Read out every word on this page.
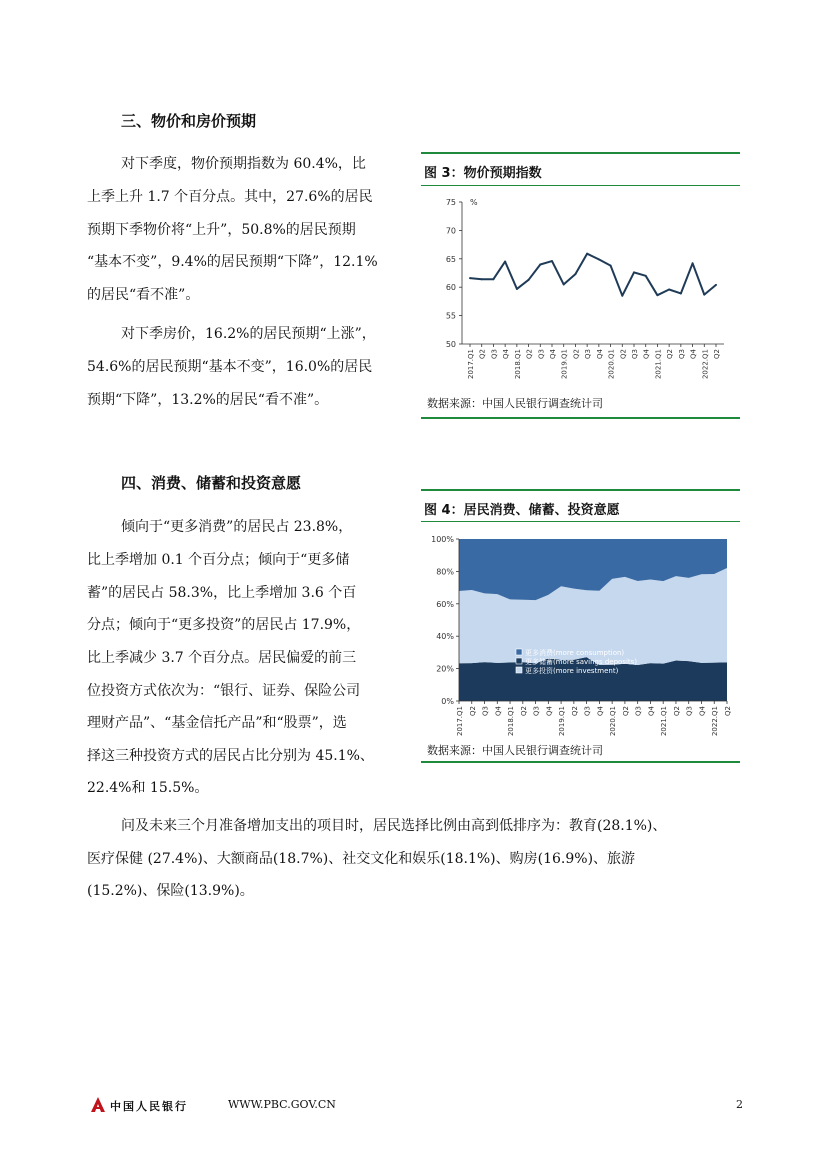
三、物价和房价预期
对下季度，物价预期指数为 60.4%，比
上季上升 1.7 个百分点。其中，27.6%的居民
预期下季物价将“上升”，50.8%的居民预期
“基本不变”，9.4%的居民预期“下降”，12.1%
的居民“看不准”。
对下季房价，16.2%的居民预期“上涨”，
54.6%的居民预期“基本不变”，16.0%的居民
预期“下降”，13.2%的居民“看不准”。
图 3：物价预期指数
50
55
60
65
70
75 %
2017.Q1 Q2 Q3 Q4 2018.Q1 Q2 Q3 Q4 2019.Q1 Q2 Q3 Q4 2020.Q1 Q2 Q3 Q4 2021.Q1 Q2 Q3 Q4 2022.Q1 Q2
数据来源：中国人民银行调查统计司
四、消费、储蓄和投资意愿
倾向于“更多消费”的居民占 23.8%，
比上季增加 0.1 个百分点；倾向于“更多储
蓄”的居民占 58.3%，比上季增加 3.6 个百
分点；倾向于“更多投资”的居民占 17.9%，
比上季减少 3.7 个百分点。居民偏爱的前三
位投资方式依次为：“银行、证券、保险公司
理财产品”、“基金信托产品”和“股票”，选
择这三种投资方式的居民占比分别为 45.1%、
22.4%和 15.5%。
图 4：居民消费、储蓄、投资意愿
0%
20%
40%
60%
80%
100%
2017.Q1 Q2 Q3 Q4 2018.Q1 Q2 Q3 Q4 2019.Q1 Q2 Q3 Q4 2020.Q1 Q2 Q3 Q4 2021.Q1 Q2 Q3 Q4 2022.Q1 Q2
更多消费(more consumption)
更多储蓄(more savings deposits)
更多投资(more investment)
数据来源：中国人民银行调查统计司
问及未来三个月准备增加支出的项目时，居民选择比例由高到低排序为：教育(28.1%)、
医疗保健 (27.4%)、大额商品(18.7%)、社交文化和娱乐(18.1%)、购房(16.9%)、旅游
(15.2%)、保险(13.9%)。
中国人民银行	WWW.PBC.GOV.CN	2
